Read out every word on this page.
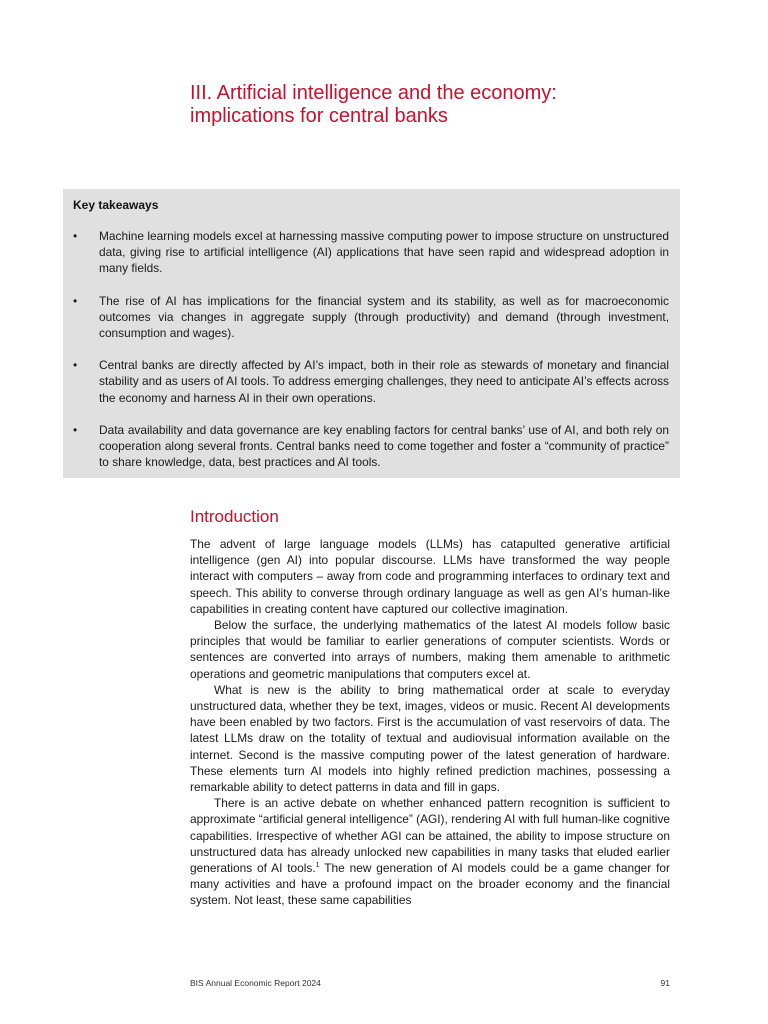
III. Artificial intelligence and the economy:
implications for central banks
Key takeaways
• Machine learning models excel at harnessing massive computing power to impose structure on unstructured data, giving rise to artificial intelligence (AI) applications that have seen rapid and widespread adoption in many fields.
• The rise of AI has implications for the financial system and its stability, as well as for macroeconomic outcomes via changes in aggregate supply (through productivity) and demand (through investment, consumption and wages).
• Central banks are directly affected by AI’s impact, both in their role as stewards of monetary and financial stability and as users of AI tools. To address emerging challenges, they need to anticipate AI’s effects across the economy and harness AI in their own operations.
• Data availability and data governance are key enabling factors for central banks’ use of AI, and both rely on cooperation along several fronts. Central banks need to come together and foster a “community of practice” to share knowledge, data, best practices and AI tools.
Introduction

The advent of large language models (LLMs) has catapulted generative artificial intelligence (gen AI) into popular discourse. LLMs have transformed the way people interact with computers – away from code and programming interfaces to ordinary text and speech. This ability to converse through ordinary language as well as gen AI’s human-like capabilities in creating content have captured our collective imagination.

Below the surface, the underlying mathematics of the latest AI models follow basic principles that would be familiar to earlier generations of computer scientists. Words or sentences are converted into arrays of numbers, making them amenable to arithmetic operations and geometric manipulations that computers excel at.

What is new is the ability to bring mathematical order at scale to everyday unstructured data, whether they be text, images, videos or music. Recent AI developments have been enabled by two factors. First is the accumulation of vast reservoirs of data. The latest LLMs draw on the totality of textual and audiovisual information available on the internet. Second is the massive computing power of the latest generation of hardware. These elements turn AI models into highly refined prediction machines, possessing a remarkable ability to detect patterns in data and fill in gaps.

There is an active debate on whether enhanced pattern recognition is sufficient to approximate “artificial general intelligence” (AGI), rendering AI with full human-like cognitive capabilities. Irrespective of whether AGI can be attained, the ability to impose structure on unstructured data has already unlocked new capabilities in many tasks that eluded earlier generations of AI tools.$^1$ The new generation of AI models could be a game changer for many activities and have a profound impact on the broader economy and the financial system. Not least, these same capabilities

BIS Annual Economic Report 2024	91
